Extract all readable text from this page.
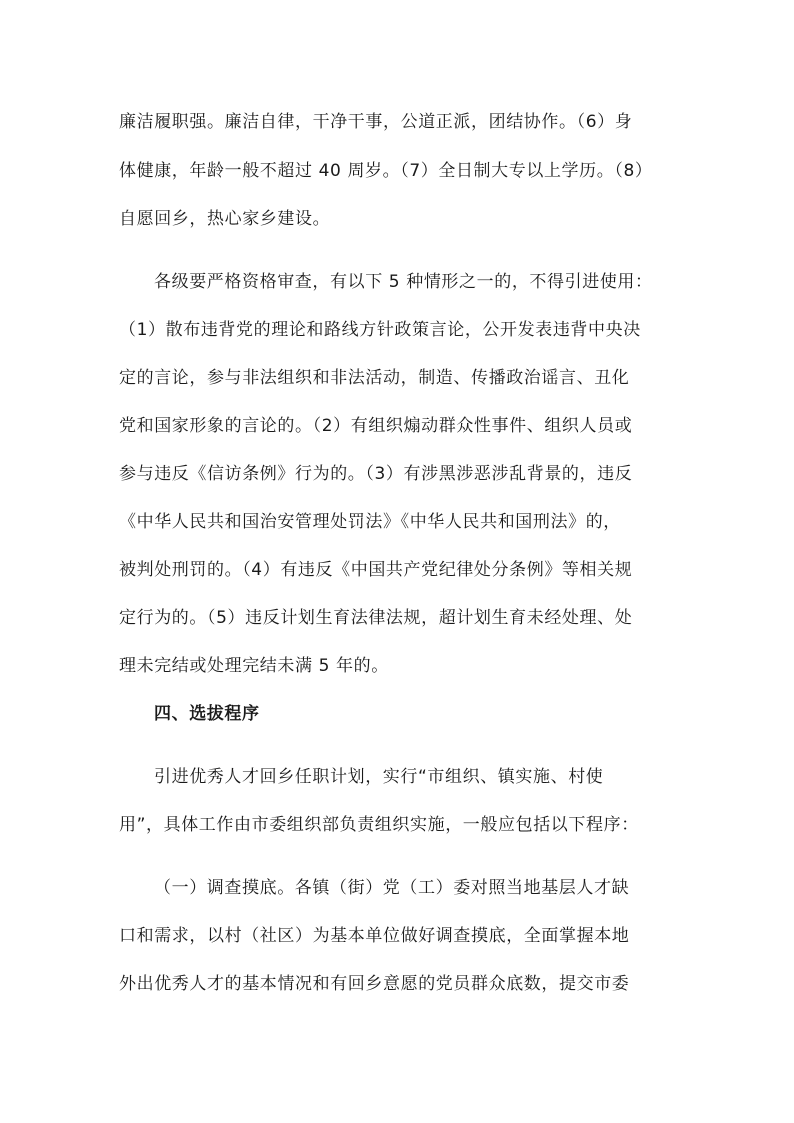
廉洁履职强。廉洁自律，干净干事，公道正派，团结协作。（6）身
体健康，年龄一般不超过 40 周岁。（7）全日制大专以上学历。（8）
自愿回乡，热心家乡建设。
各级要严格资格审查，有以下 5 种情形之一的，不得引进使用：
（1）散布违背党的理论和路线方针政策言论，公开发表违背中央决
定的言论，参与非法组织和非法活动，制造、传播政治谣言、丑化
党和国家形象的言论的。（2）有组织煽动群众性事件、组织人员或
参与违反《信访条例》行为的。（3）有涉黑涉恶涉乱背景的，违反
《中华人民共和国治安管理处罚法》《中华人民共和国刑法》的，
被判处刑罚的。（4）有违反《中国共产党纪律处分条例》等相关规
定行为的。（5）违反计划生育法律法规，超计划生育未经处理、处
理未完结或处理完结未满 5 年的。
四、选拔程序
引进优秀人才回乡任职计划，实行“市组织、镇实施、村使
用”，具体工作由市委组织部负责组织实施，一般应包括以下程序：
（一）调查摸底。各镇（街）党（工）委对照当地基层人才缺
口和需求，以村（社区）为基本单位做好调查摸底，全面掌握本地
外出优秀人才的基本情况和有回乡意愿的党员群众底数，提交市委
